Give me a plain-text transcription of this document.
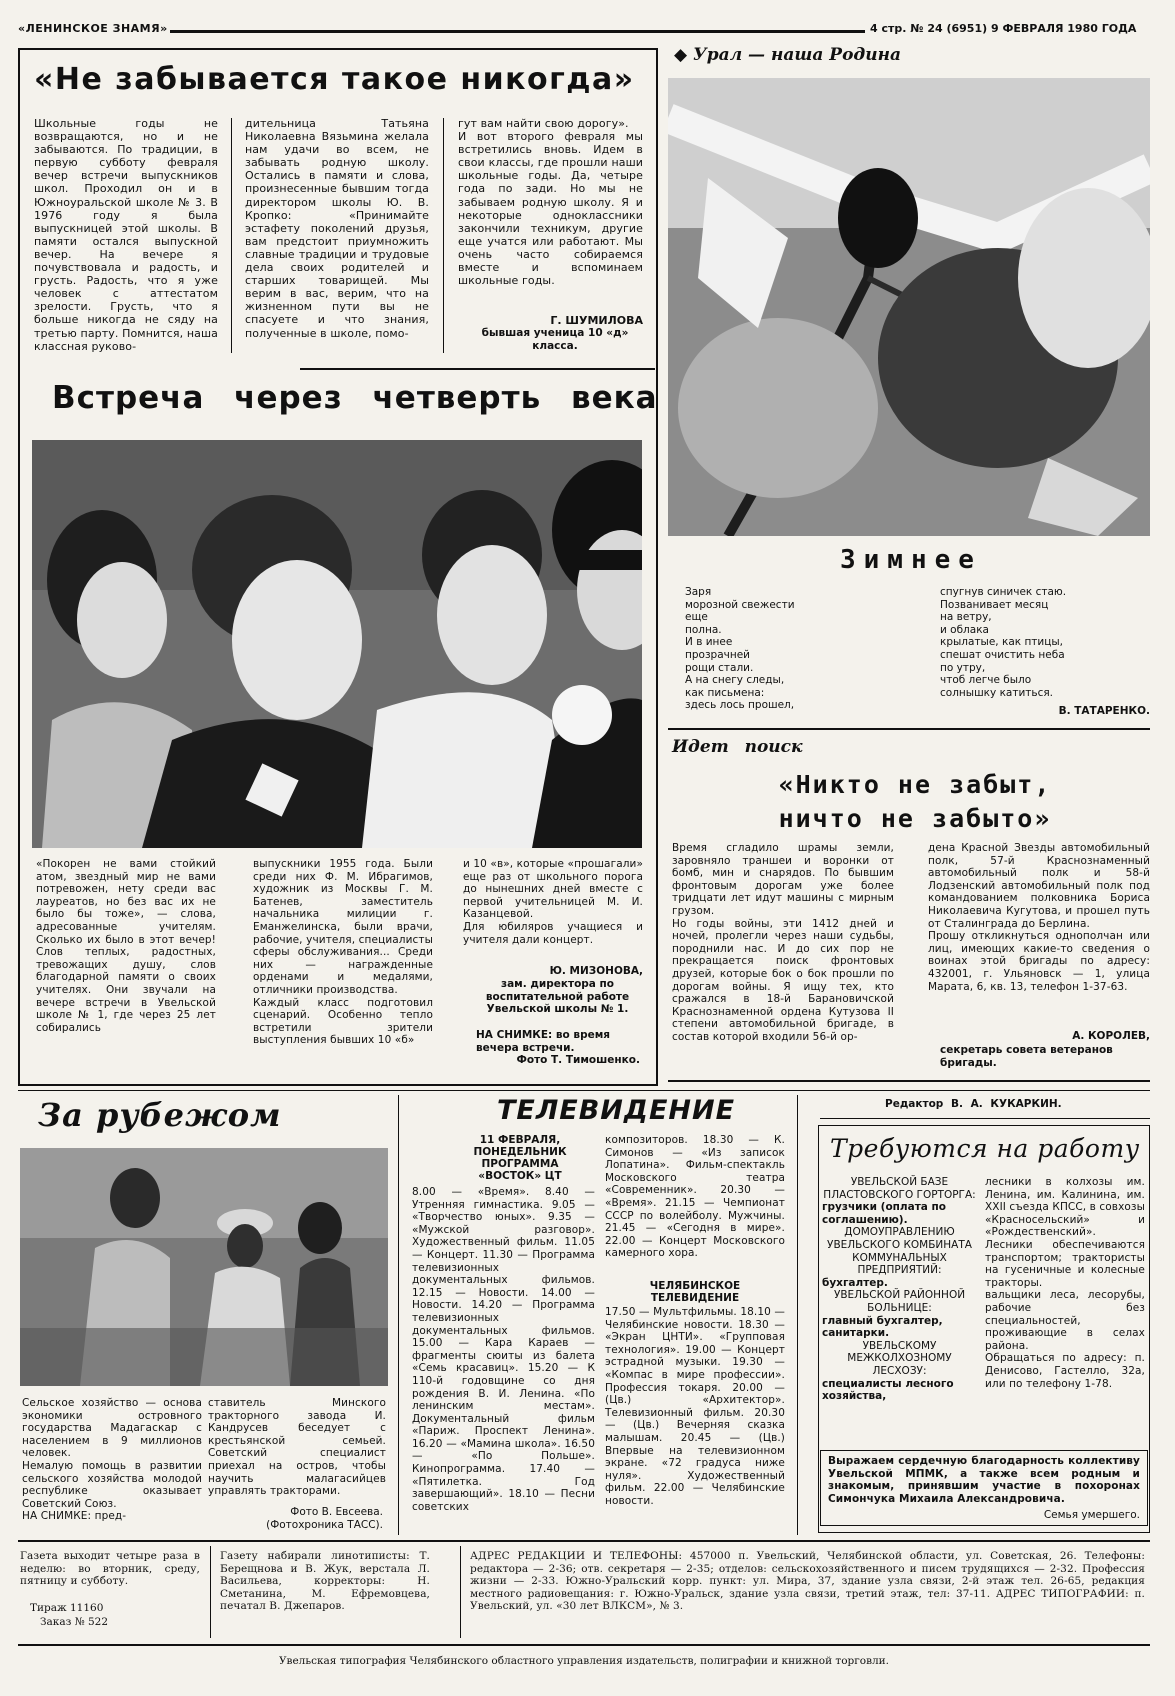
«ЛЕНИНСКОЕ ЗНАМЯ»	4 стр. № 24 (6951) 9 ФЕВРАЛЯ 1980 ГОДА
«Не забывается такое никогда»
Школьные годы не возвращаются, но и не забываются. По традиции, в первую субботу февраля вечер встречи выпускников школ. Проходил он и в Южноуральской школе № 3. В 1976 году я была выпускницей этой школы. В памяти остался выпускной вечер. На вечере я почувствовала и радость, и грусть. Радость, что я уже человек с аттестатом зрелости. Грусть, что я больше никогда не сяду на третью парту. Помнится, наша классная руково-
дительница Татьяна Николаевна Вязьмина желала нам удачи во всем, не забывать родную школу. Остались в памяти и слова, произнесенные бывшим тогда директором школы Ю. В. Кропко: «Принимайте эстафету поколений друзья, вам предстоит приумножить славные традиции и трудовые дела своих родителей и старших товарищей. Мы верим в вас, верим, что на жизненном пути вы не спасуете и что знания, полученные в школе, помо-
гут вам найти свою дорогу».
И вот второго февраля мы встретились вновь. Идем в свои классы, где прошли наши школьные годы. Да, четыре года по зади. Но мы не забываем родную школу. Я и некоторые одноклассники закончили техникум, другие еще учатся или работают. Мы очень часто собираемся вместе и вспоминаем школьные годы.
Г. ШУМИЛОВА
бывшая ученица 10 «д» класса.
Встреча через четверть века
«Покорен не вами стойкий атом, звездный мир не вами потревожен, нету среди вас лауреатов, но без вас их не было бы тоже», — слова, адресованные учителям. Сколько их было в этот вечер! Слов теплых, радостных, тревожащих душу, слов благодарной памяти о своих учителях. Они звучали на вечере встречи в Увельской школе № 1, где через 25 лет собирались
выпускники 1955 года. Были среди них Ф. М. Ибрагимов, художник из Москвы Г. М. Батенев, заместитель начальника милиции г. Еманжелинска, были врачи, рабочие, учителя, специалисты сферы обслуживания... Среди них — награжденные орденами и медалями, отличники производства.
Каждый класс подготовил сценарий. Особенно тепло встретили зрители выступления бывших 10 «б»
и 10 «в», которые «прошагали» еще раз от школьного порога до нынешних дней вместе с первой учительницей М. И. Казанцевой.
Для юбиляров учащиеся и учителя дали концерт.
Ю. МИЗОНОВА,
зам. директора по воспитательной работе Увельской школы № 1.
НА СНИМКЕ: во время вечера встречи.
Фото Т. Тимошенко.
◆ Урал — наша Родина
Зимнее
Заря
морозной свежести
еще
полна.
И в инее
прозрачней
рощи стали.
А на снегу следы,
как письмена:
здесь лось прошел,
спугнув синичек стаю.
Позванивает месяц
на ветру,
и облака
крылатые, как птицы,
спешат очистить неба
по утру,
чтоб легче было
солнышку катиться.
В. ТАТАРЕНКО.
Идет поиск
«Никто не забыт,
ничто не забыто»
Время сгладило шрамы земли, заровняло траншеи и воронки от бомб, мин и снарядов. По бывшим фронтовым дорогам уже более тридцати лет идут машины с мирным грузом.
Но годы войны, эти 1412 дней и ночей, пролегли через наши судьбы, породнили нас. И до сих пор не прекращается поиск фронтовых друзей, которые бок о бок прошли по дорогам войны. Я ищу тех, кто сражался в 18-й Барановичской Краснознаменной ордена Кутузова II степени автомобильной бригаде, в состав которой входили 56-й ор-
дена Красной Звезды автомобильный полк, 57-й Краснознаменный автомобильный полк и 58-й Лодзенский автомобильный полк под командованием полковника Бориса Николаевича Кугутова, и прошел путь от Сталинграда до Берлина.
Прошу откликнуться однополчан или лиц, имеющих какие-то сведения о воинах этой бригады по адресу: 432001, г. Ульяновск — 1, улица Марата, 6, кв. 13, телефон 1-37-63.
А. КОРОЛЕВ,
секретарь совета ветеранов бригады.
За рубежом
Сельское хозяйство — основа экономики островного государства Мадагаскар с населением в 9 миллионов человек.
Немалую помощь в развитии сельского хозяйства молодой республике оказывает Советский Союз.
НА СНИМКЕ: пред-
ставитель Минского тракторного завода И. Кандрусев беседует с крестьянской семьей. Советский специалист приехал на остров, чтобы научить малагасийцев управлять тракторами.
Фото В. Евсеева.
(Фотохроника ТАСС).
ТЕЛЕВИДЕНИЕ
11 ФЕВРАЛЯ, ПОНЕДЕЛЬНИК ПРОГРАММА «ВОСТОК» ЦТ
8.00 — «Время». 8.40 — Утренняя гимнастика. 9.05 — «Творчество юных». 9.35 — «Мужской разговор». Художественный фильм. 11.05 — Концерт. 11.30 — Программа телевизионных документальных фильмов. 12.15 — Новости. 14.00 — Новости. 14.20 — Программа телевизионных документальных фильмов. 15.00 — Кара Караев — фрагменты сюиты из балета «Семь красавиц». 15.20 — К 110-й годовщине со дня рождения В. И. Ленина. «По ленинским местам». Документальный фильм «Париж. Проспект Ленина». 16.20 — «Мамина школа». 16.50 — «По Польше». Кинопрограмма. 17.40 — «Пятилетка. Год завершающий». 18.10 — Песни советских
композиторов. 18.30 — К. Симонов — «Из записок Лопатина». Фильм-спектакль Московского театра «Современник». 20.30 — «Время». 21.15 — Чемпионат СССР по волейболу. Мужчины. 21.45 — «Сегодня в мире». 22.00 — Концерт Московского камерного хора.
ЧЕЛЯБИНСКОЕ ТЕЛЕВИДЕНИЕ
17.50 — Мультфильмы. 18.10 — Челябинские новости. 18.30 — «Экран ЦНТИ». «Групповая технология». 19.00 — Концерт эстрадной музыки. 19.30 — «Компас в мире профессии». Профессия токаря. 20.00 — (Цв.) «Архитектор». Телевизионный фильм. 20.30 — (Цв.) Вечерняя сказка малышам. 20.45 — (Цв.) Впервые на телевизионном экране. «72 градуса ниже нуля». Художественный фильм. 22.00 — Челябинские новости.
Редактор В. А. КУКАРКИН.
Требуются на работу
УВЕЛЬСКОЙ БАЗЕ ПЛАСТОВСКОГО ГОРТОРГА:
грузчики (оплата по соглашению).
ДОМОУПРАВЛЕНИЮ УВЕЛЬСКОГО КОМБИНАТА КОММУНАЛЬНЫХ ПРЕДПРИЯТИЙ:
бухгалтер.
УВЕЛЬСКОЙ РАЙОННОЙ БОЛЬНИЦЕ:
главный бухгалтер, санитарки.
УВЕЛЬСКОМУ МЕЖКОЛХОЗНОМУ ЛЕСХОЗУ:
специалисты лесного хозяйства,
лесники в колхозы им. Ленина, им. Калинина, им. XXII съезда КПСС, в совхозы «Красносельский» и «Рождественский». Лесники обеспечиваются транспортом; трактористы на гусеничные и колесные тракторы.
вальщики леса, лесорубы, рабочие без специальностей, проживающие в селах района.
Обращаться по адресу: п. Денисово, Гастелло, 32а, или по телефону 1-78.
Выражаем сердечную благодарность коллективу Увельской МПМК, а также всем родным и знакомым, принявшим участие в похоронах Симончука Михаила Александровича.
Семья умершего.
Газета выходит четыре раза в неделю: во вторник, среду, пятницу и субботу.
Тираж 11160
Заказ № 522
Газету набирали линотиписты: Т. Берещнова и В. Жук, верстала Л. Васильева, корректоры: Н. Сметанина, М. Ефремовцева, печатал В. Джепаров.
АДРЕС РЕДАКЦИИ И ТЕЛЕФОНЫ: 457000 п. Увельский, Челябинской области, ул. Советская, 26. Телефоны: редактора — 2-36; отв. секретаря — 2-35; отделов: сельскохозяйственного и писем трудящихся — 2-32. Профессия жизни — 2-33. Южно-Уральский корр. пункт: ул. Мира, 37, здание узла связи, 2-й этаж тел. 26-65, редакция местного радиовещания: г. Южно-Уральск, здание узла связи, третий этаж, тел: 37-11. АДРЕС ТИПОГРАФИИ: п. Увельский, ул. «30 лет ВЛКСМ», № 3.
Увельская типография Челябинского областного управления издательств, полиграфии и книжной торговли.
